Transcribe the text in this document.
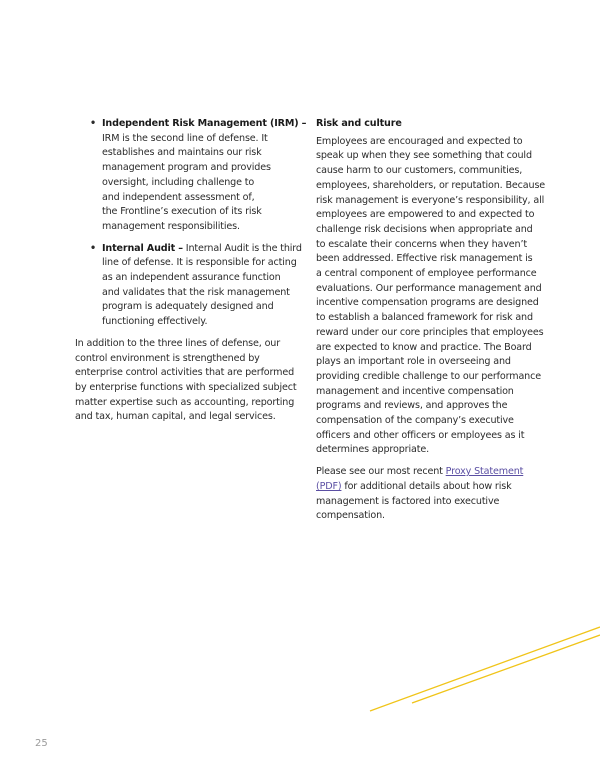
• Independent Risk Management (IRM) –
IRM is the second line of defense. It
establishes and maintains our risk
management program and provides
oversight, including challenge to
and independent assessment of,
the Frontline’s execution of its risk
management responsibilities.
• Internal Audit – Internal Audit is the third
line of defense. It is responsible for acting
as an independent assurance function
and validates that the risk management
program is adequately designed and
functioning effectively.
In addition to the three lines of defense, our
control environment is strengthened by
enterprise control activities that are performed
by enterprise functions with specialized subject
matter expertise such as accounting, reporting
and tax, human capital, and legal services.
Risk and culture
Employees are encouraged and expected to
speak up when they see something that could
cause harm to our customers, communities,
employees, shareholders, or reputation. Because
risk management is everyone’s responsibility, all
employees are empowered to and expected to
challenge risk decisions when appropriate and
to escalate their concerns when they haven’t
been addressed. Effective risk management is
a central component of employee performance
evaluations. Our performance management and
incentive compensation programs are designed
to establish a balanced framework for risk and
reward under our core principles that employees
are expected to know and practice. The Board
plays an important role in overseeing and
providing credible challenge to our performance
management and incentive compensation
programs and reviews, and approves the
compensation of the company’s executive
officers and other officers or employees as it
determines appropriate.
Please see our most recent Proxy Statement
(PDF) for additional details about how risk
management is factored into executive
compensation.
25
